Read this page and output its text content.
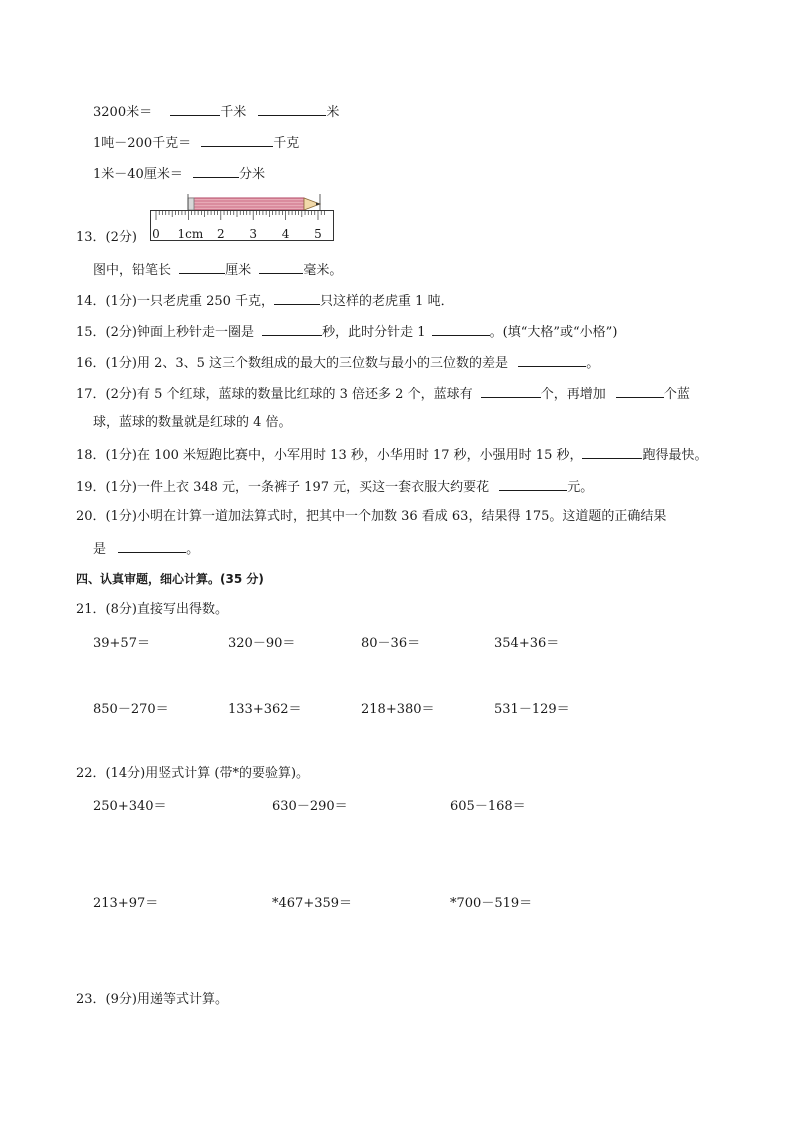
3200米＝	千米	米
1吨－200千克＝	千克
1米－40厘米＝	分米
0 1cm 2 3 4 5
13．(2分)
图中，铅笔长	厘米	毫米。
14．(1分)一只老虎重 250 千克，	只这样的老虎重 1 吨．
15．(2分)钟面上秒针走一圈是	秒，此时分针走 1	。(填“大格”或“小格”)
16．(1分)用 2、3、5 这三个数组成的最大的三位数与最小的三位数的差是	。
17．(2分)有 5 个红球，蓝球的数量比红球的 3 倍还多 2 个，蓝球有	个，再增加	个蓝
球，蓝球的数量就是红球的 4 倍。
18．(1分)在 100 米短跑比赛中，小军用时 13 秒，小华用时 17 秒，小强用时 15 秒，	跑得最快。
19．(1分)一件上衣 348 元，一条裤子 197 元，买这一套衣服大约要花	元。
20．(1分)小明在计算一道加法算式时，把其中一个加数 36 看成 63，结果得 175。这道题的正确结果
是	。
四、认真审题，细心计算。(35 分)
21．(8分)直接写出得数。
39+57＝	320－90＝	80－36＝	354+36＝
850－270＝	133+362＝	218+380＝	531－129＝
22．(14分)用竖式计算 (带*的要验算)。
250+340＝	630－290＝	605－168＝
213+97＝	*467+359＝	*700－519＝
23．(9分)用递等式计算。
